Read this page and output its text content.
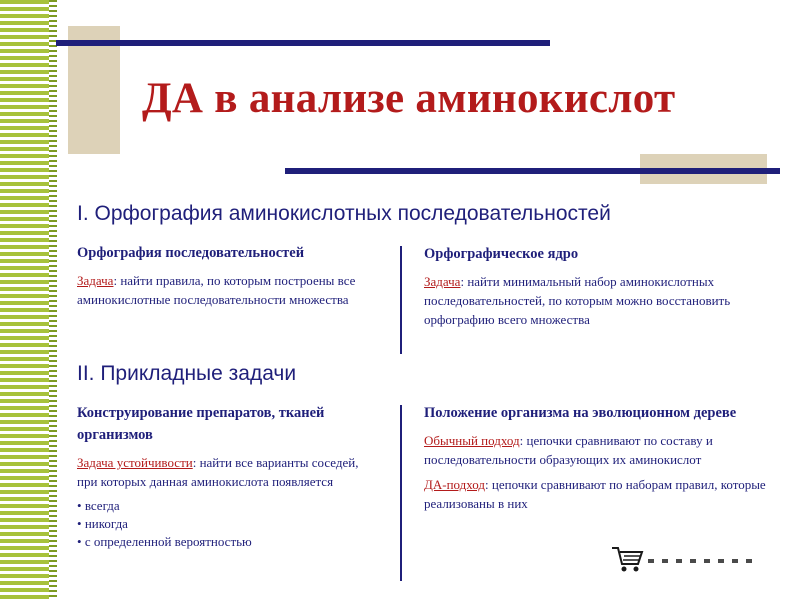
ДА в анализе аминокислот
I. Орфография аминокислотных последовательностей
Орфография последовательностей

Задача: найти правила, по которым построены все аминокислотные последовательности множества

Орфографическое ядро

Задача: найти минимальный набор аминокислотных последовательностей, по которым можно восстановить орфографию всего множества

II. Прикладные задачи
Конструирование препаратов, тканей организмов

Задача устойчивости: найти все варианты соседей, при которых данная аминокислота появляется

• всегда
• никогда
• с определенной вероятностью
Положение организма на эволюционном дереве

Обычный подход: цепочки сравнивают по составу и последовательности образующих их аминокислот

ДА-подход: цепочки сравнивают по наборам правил, которые реализованы в них
